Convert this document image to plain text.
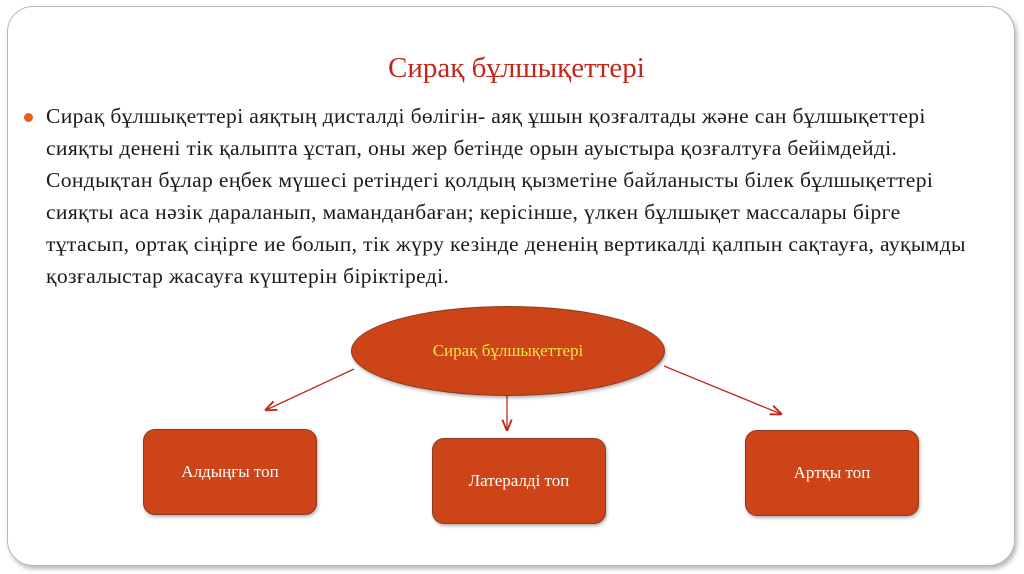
Сирақ бұлшықеттері
Сирақ бұлшықеттері аяқтың дисталді бөлігін- аяқ ұшын қозғалтады және сан бұлшықеттері сияқты денені тік қалыпта ұстап, оны жер бетінде орын ауыстыра қозғалтуға бейімдейді. Сондықтан бұлар еңбек мүшесі ретіндегі қолдың қызметіне байланысты білек бұлшықеттері сияқты аса нәзік дараланып, маманданбаған; керісінше, үлкен бұлшықет массалары бірге тұтасып, ортақ сіңірге ие болып, тік жүру кезінде дененің вертикалді қалпын сақтауға, ауқымды қозғалыстар жасауға күштерін біріктіреді.
Сирақ бұлшықеттері
Алдыңғы топ	Латералді топ	Артқы топ
